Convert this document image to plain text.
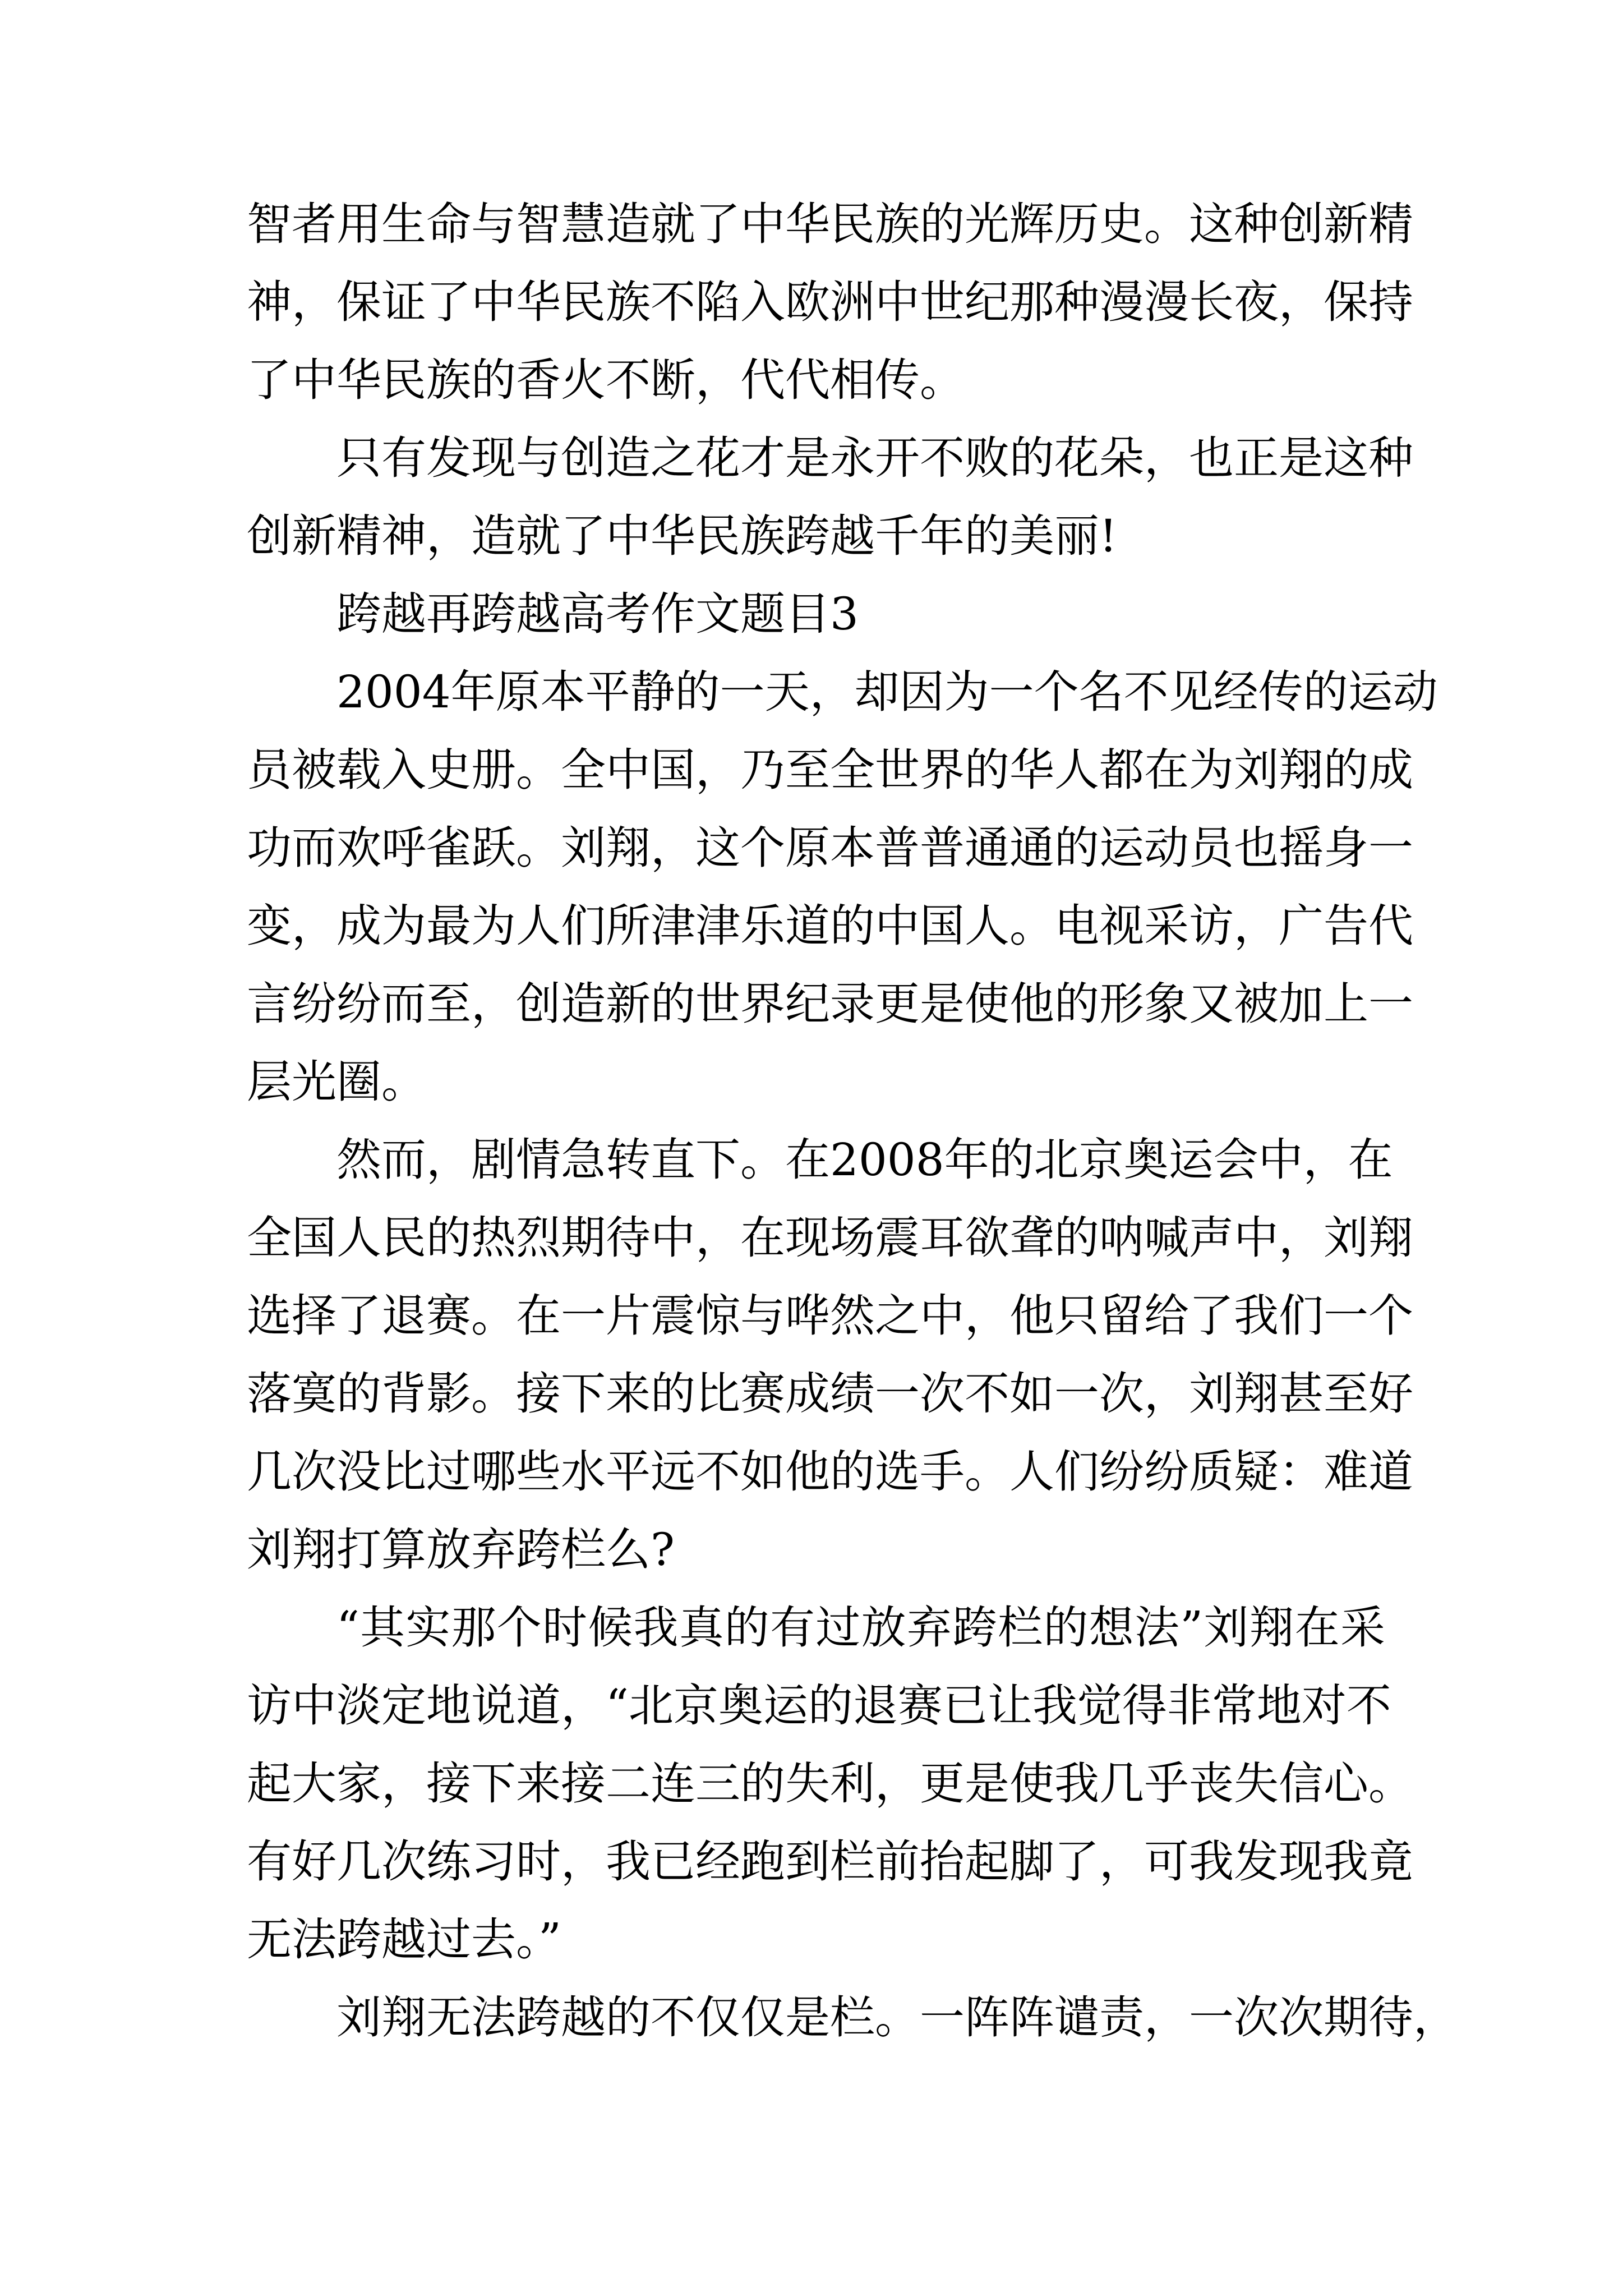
智者用生命与智慧造就了中华民族的光辉历史。这种创新精
神，保证了中华民族不陷入欧洲中世纪那种漫漫长夜，保持
了中华民族的香火不断，代代相传。
只有发现与创造之花才是永开不败的花朵，也正是这种
创新精神，造就了中华民族跨越千年的美丽!
跨越再跨越高考作文题目3
2004年原本平静的一天，却因为一个名不见经传的运动
员被载入史册。全中国，乃至全世界的华人都在为刘翔的成
功而欢呼雀跃。刘翔，这个原本普普通通的运动员也摇身一
变，成为最为人们所津津乐道的中国人。电视采访，广告代
言纷纷而至，创造新的世界纪录更是使他的形象又被加上一
层光圈。
然而，剧情急转直下。在2008年的北京奥运会中，在
全国人民的热烈期待中，在现场震耳欲聋的呐喊声中，刘翔
选择了退赛。在一片震惊与哗然之中，他只留给了我们一个
落寞的背影。接下来的比赛成绩一次不如一次，刘翔甚至好
几次没比过哪些水平远不如他的选手。人们纷纷质疑：难道
刘翔打算放弃跨栏么?
“其实那个时候我真的有过放弃跨栏的想法”刘翔在采
访中淡定地说道，“北京奥运的退赛已让我觉得非常地对不
起大家，接下来接二连三的失利，更是使我几乎丧失信心。
有好几次练习时，我已经跑到栏前抬起脚了，可我发现我竟
无法跨越过去。”
刘翔无法跨越的不仅仅是栏。一阵阵谴责，一次次期待，
